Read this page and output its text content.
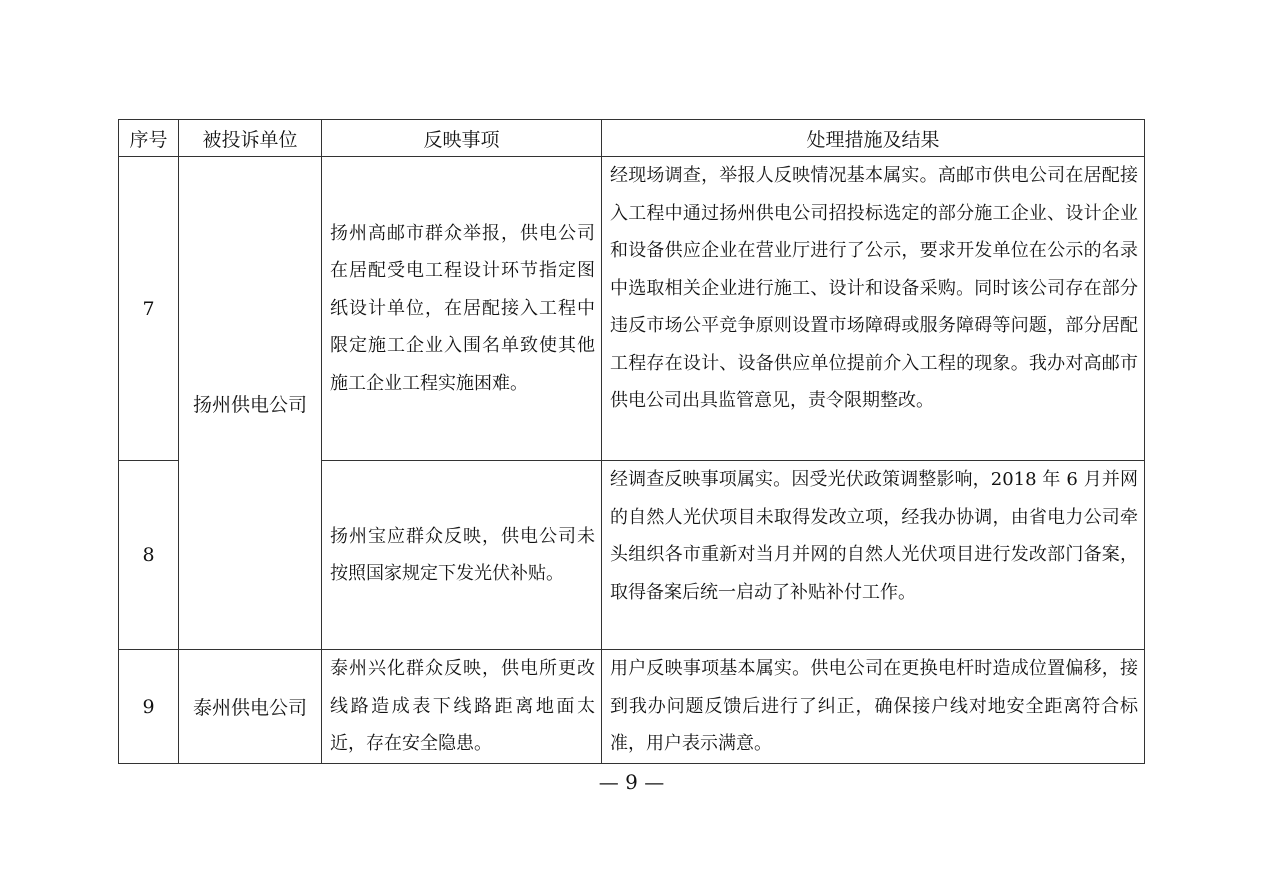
序号	被投诉单位	反映事项	处理措施及结果
7	扬州供电公司	扬州高邮市群众举报，供电公司在居配受电工程设计环节指定图纸设计单位，在居配接入工程中限定施工企业入围名单致使其他施工企业工程实施困难。	经现场调查，举报人反映情况基本属实。高邮市供电公司在居配接入工程中通过扬州供电公司招投标选定的部分施工企业、设计企业和设备供应企业在营业厅进行了公示，要求开发单位在公示的名录中选取相关企业进行施工、设计和设备采购。同时该公司存在部分违反市场公平竞争原则设置市场障碍或服务障碍等问题，部分居配工程存在设计、设备供应单位提前介入工程的现象。我办对高邮市供电公司出具监管意见，责令限期整改。
8		扬州宝应群众反映，供电公司未按照国家规定下发光伏补贴。	经调查反映事项属实。因受光伏政策调整影响，2018 年 6 月并网的自然人光伏项目未取得发改立项，经我办协调，由省电力公司牵头组织各市重新对当月并网的自然人光伏项目进行发改部门备案，取得备案后统一启动了补贴补付工作。
9	泰州供电公司	泰州兴化群众反映，供电所更改线路造成表下线路距离地面太近，存在安全隐患。	用户反映事项基本属实。供电公司在更换电杆时造成位置偏移，接到我办问题反馈后进行了纠正，确保接户线对地安全距离符合标准，用户表示满意。
— 9 —
